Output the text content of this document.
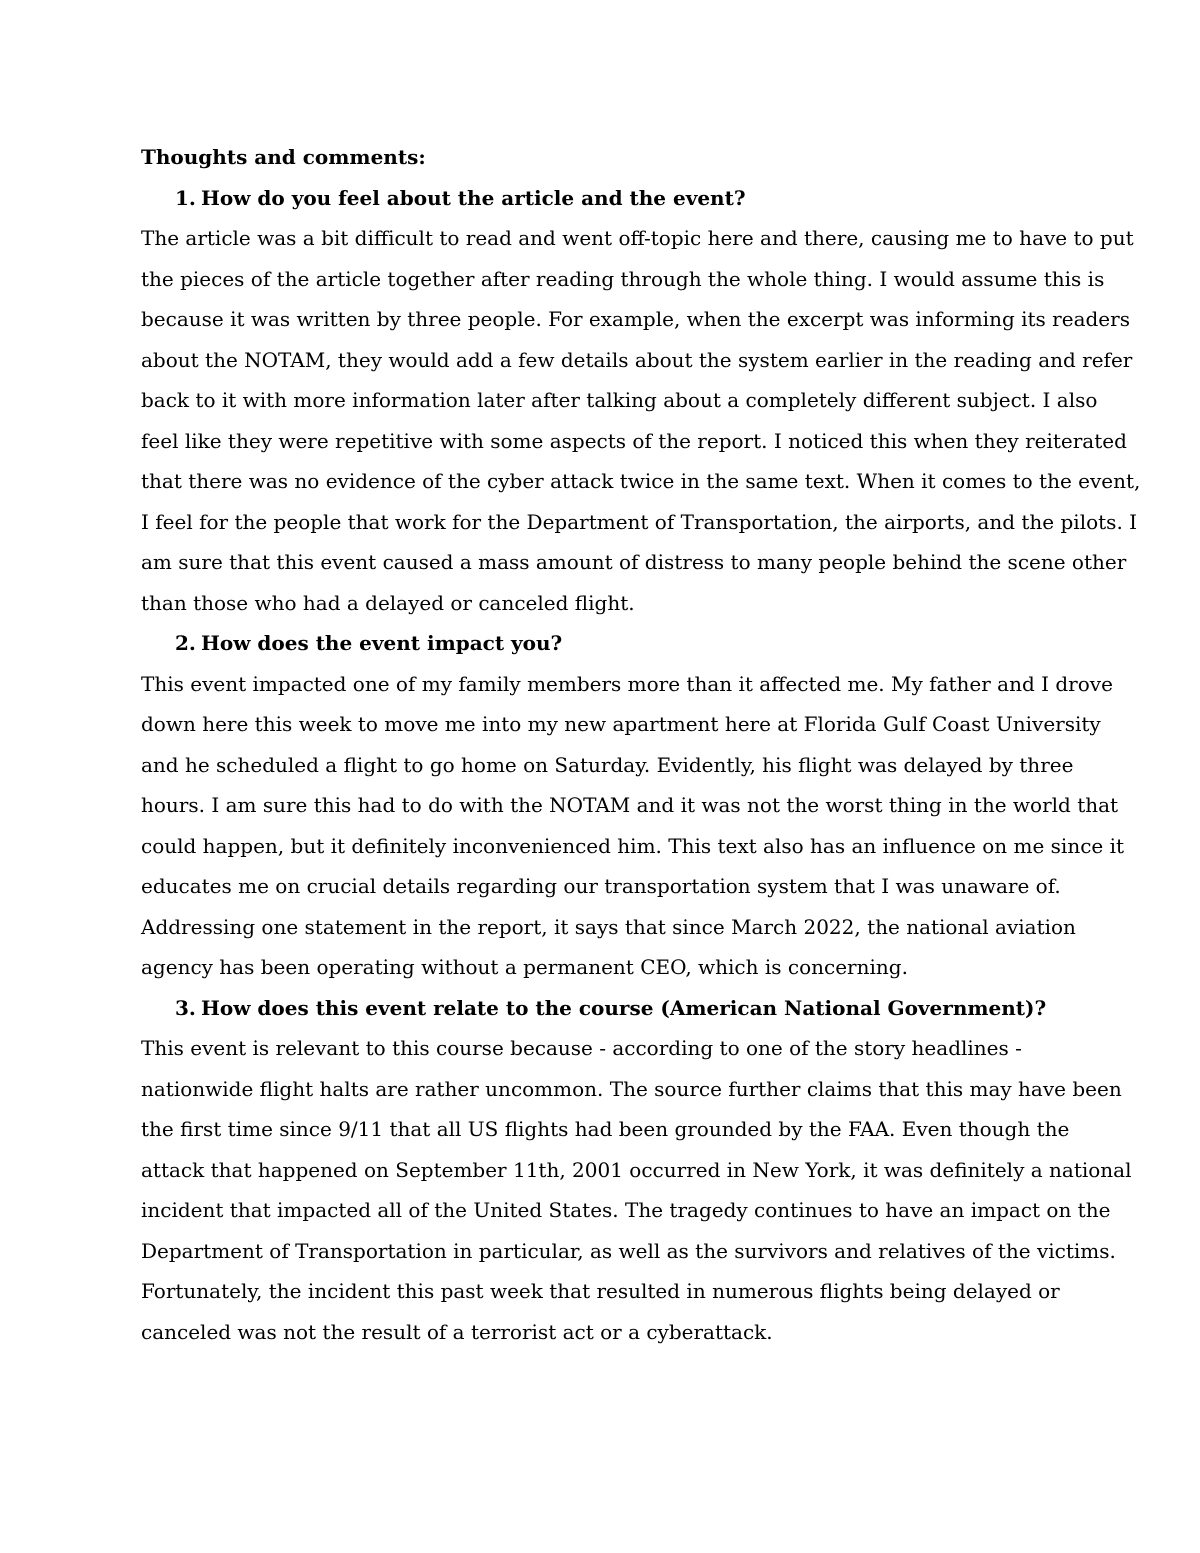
Thoughts and comments:

1. How do you feel about the article and the event?

The article was a bit difficult to read and went off-topic here and there, causing me to have to put
the pieces of the article together after reading through the whole thing. I would assume this is
because it was written by three people. For example, when the excerpt was informing its readers
about the NOTAM, they would add a few details about the system earlier in the reading and refer
back to it with more information later after talking about a completely different subject. I also
feel like they were repetitive with some aspects of the report. I noticed this when they reiterated
that there was no evidence of the cyber attack twice in the same text. When it comes to the event,
I feel for the people that work for the Department of Transportation, the airports, and the pilots. I
am sure that this event caused a mass amount of distress to many people behind the scene other
than those who had a delayed or canceled flight.

2. How does the event impact you?

This event impacted one of my family members more than it affected me. My father and I drove
down here this week to move me into my new apartment here at Florida Gulf Coast University
and he scheduled a flight to go home on Saturday. Evidently, his flight was delayed by three
hours. I am sure this had to do with the NOTAM and it was not the worst thing in the world that
could happen, but it definitely inconvenienced him. This text also has an influence on me since it
educates me on crucial details regarding our transportation system that I was unaware of.
Addressing one statement in the report, it says that since March 2022, the national aviation
agency has been operating without a permanent CEO, which is concerning.

3. How does this event relate to the course (American National Government)?

This event is relevant to this course because - according to one of the story headlines -
nationwide flight halts are rather uncommon. The source further claims that this may have been
the first time since 9/11 that all US flights had been grounded by the FAA. Even though the
attack that happened on September 11th, 2001 occurred in New York, it was definitely a national
incident that impacted all of the United States. The tragedy continues to have an impact on the
Department of Transportation in particular, as well as the survivors and relatives of the victims.
Fortunately, the incident this past week that resulted in numerous flights being delayed or
canceled was not the result of a terrorist act or a cyberattack.
